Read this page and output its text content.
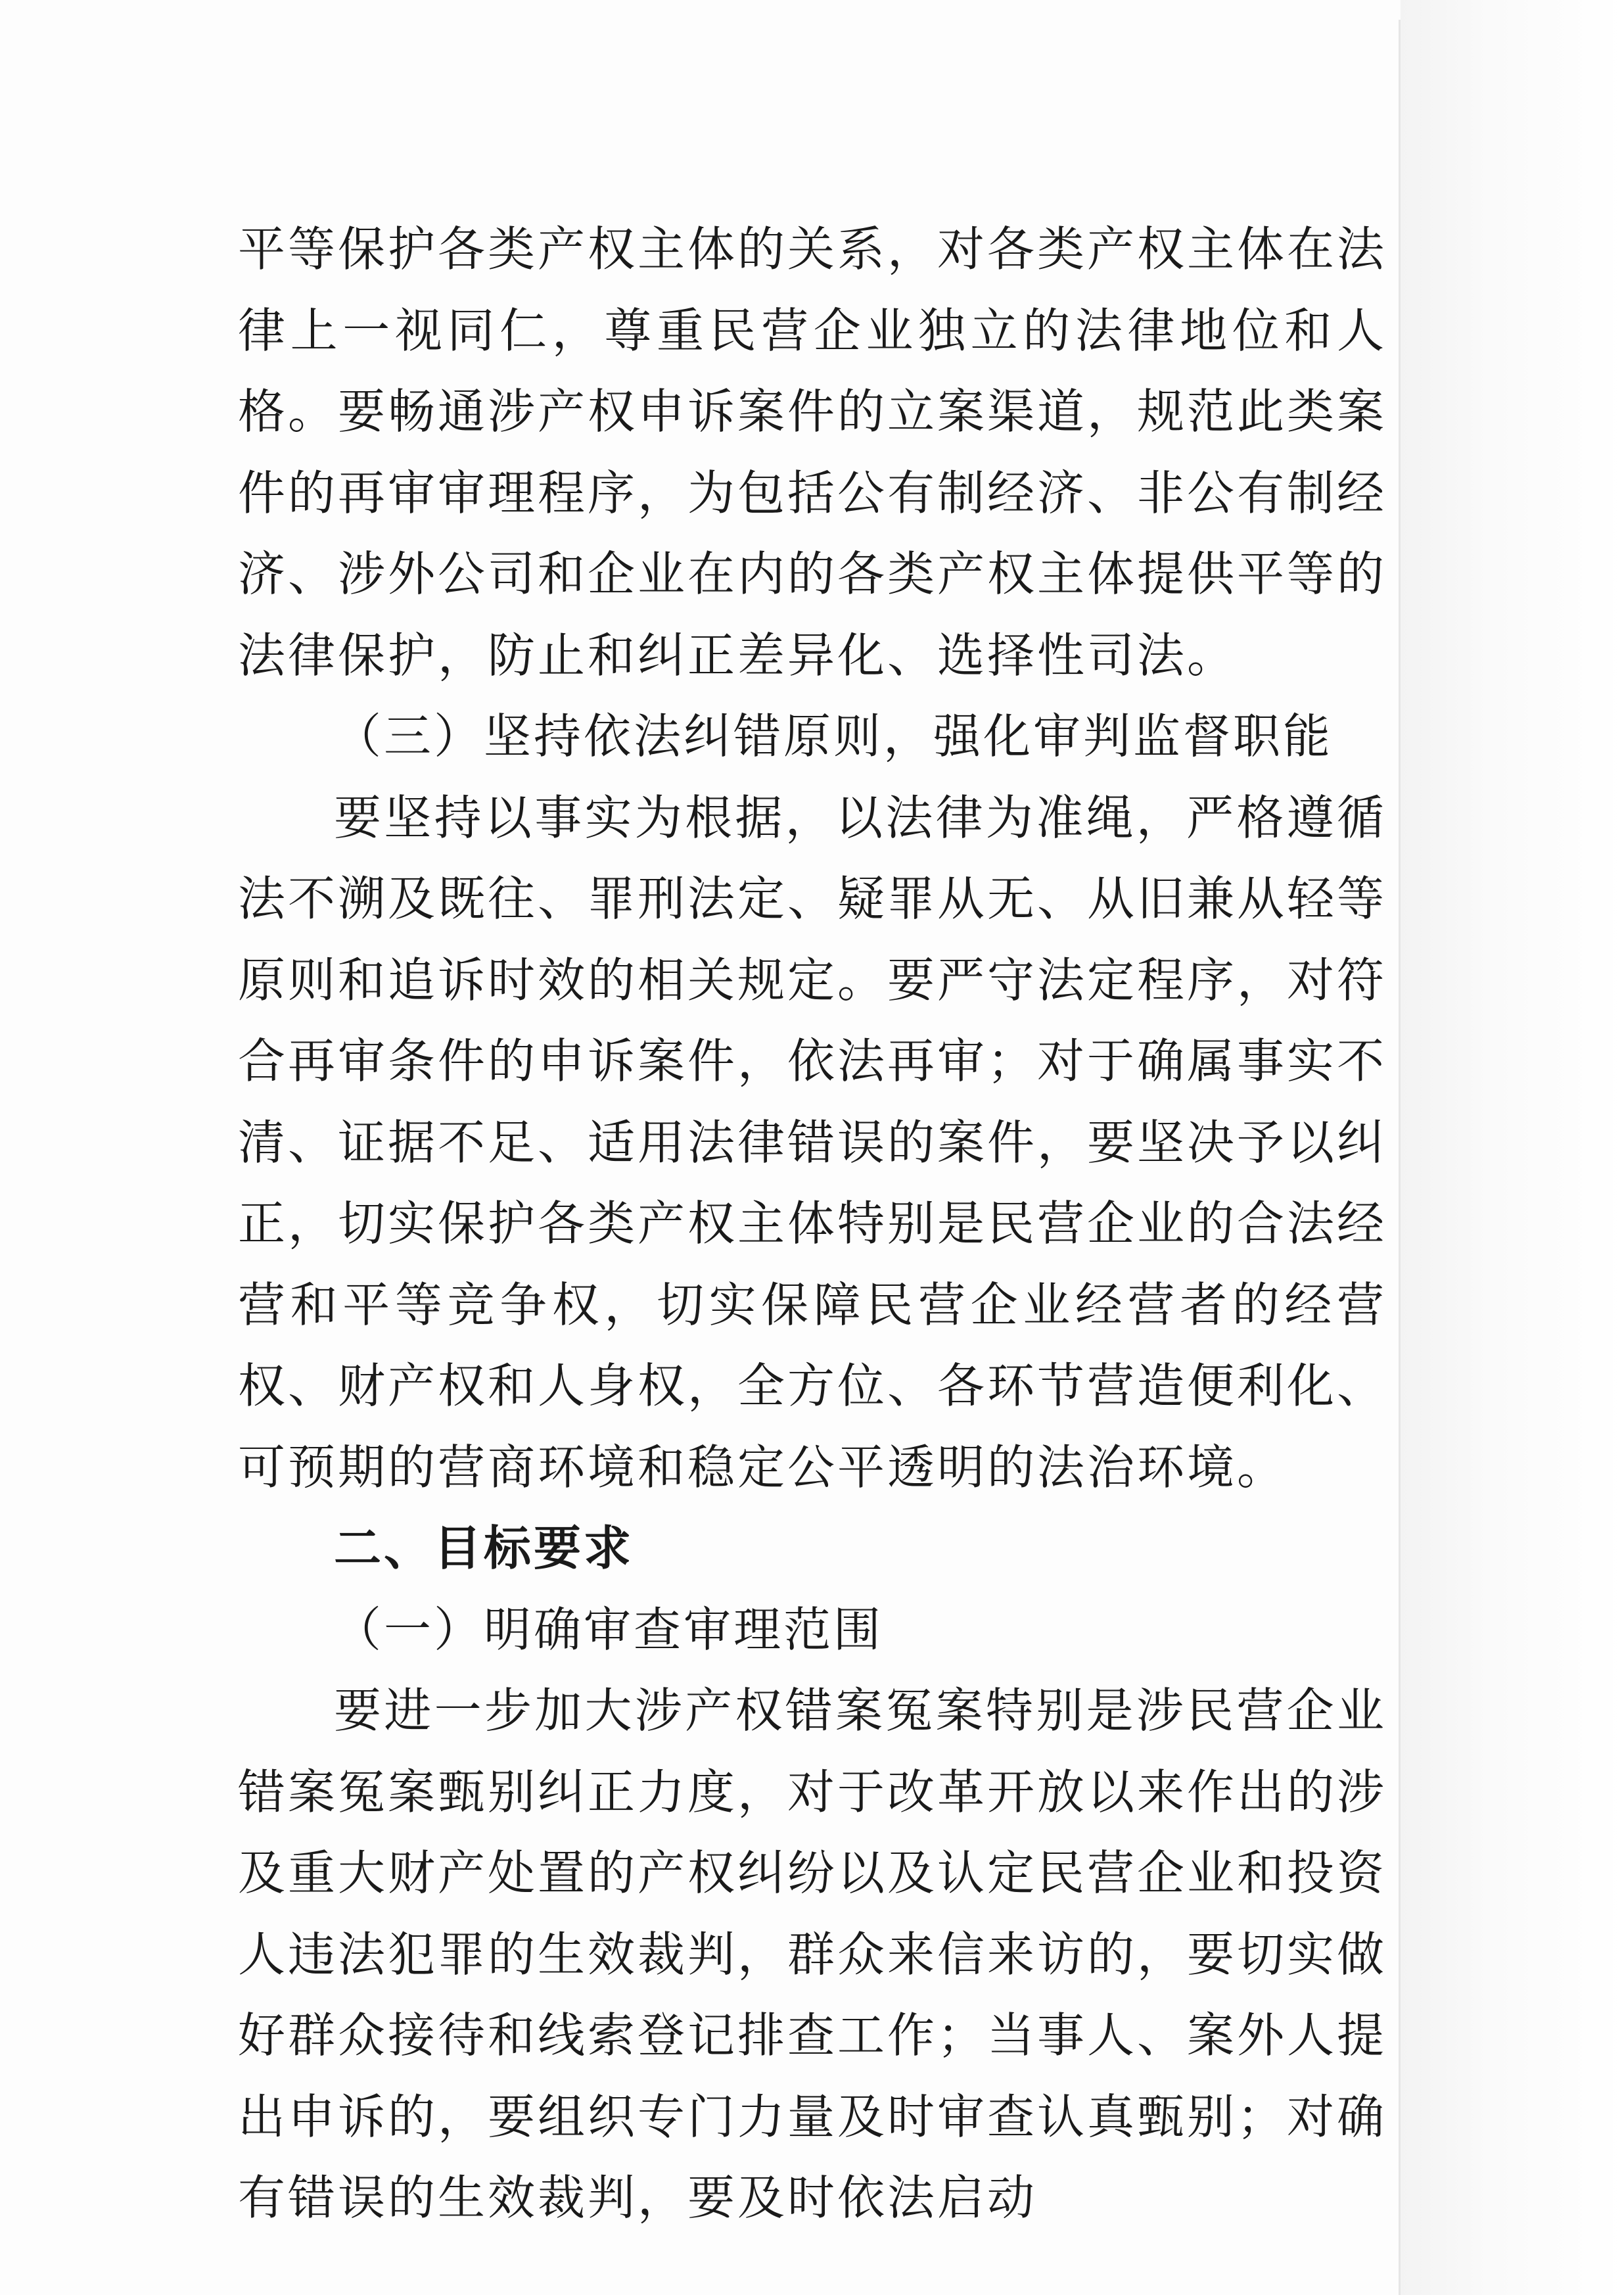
平等保护各类产权主体的关系，对各类产权主体在法律上一视同仁，尊重民营企业独立的法律地位和人格。要畅通涉产权申诉案件的立案渠道，规范此类案件的再审审理程序，为包括公有制经济、非公有制经济、涉外公司和企业在内的各类产权主体提供平等的法律保护，防止和纠正差异化、选择性司法。

（三）坚持依法纠错原则，强化审判监督职能

要坚持以事实为根据，以法律为准绳，严格遵循法不溯及既往、罪刑法定、疑罪从无、从旧兼从轻等原则和追诉时效的相关规定。要严守法定程序，对符合再审条件的申诉案件，依法再审；对于确属事实不清、证据不足、适用法律错误的案件，要坚决予以纠正，切实保护各类产权主体特别是民营企业的合法经营和平等竞争权，切实保障民营企业经营者的经营权、财产权和人身权，全方位、各环节营造便利化、可预期的营商环境和稳定公平透明的法治环境。

二、目标要求

（一）明确审查审理范围

要进一步加大涉产权错案冤案特别是涉民营企业错案冤案甄别纠正力度，对于改革开放以来作出的涉及重大财产处置的产权纠纷以及认定民营企业和投资人违法犯罪的生效裁判，群众来信来访的，要切实做好群众接待和线索登记排查工作；当事人、案外人提出申诉的，要组织专门力量及时审查认真甄别；对确有错误的生效裁判，要及时依法启动
